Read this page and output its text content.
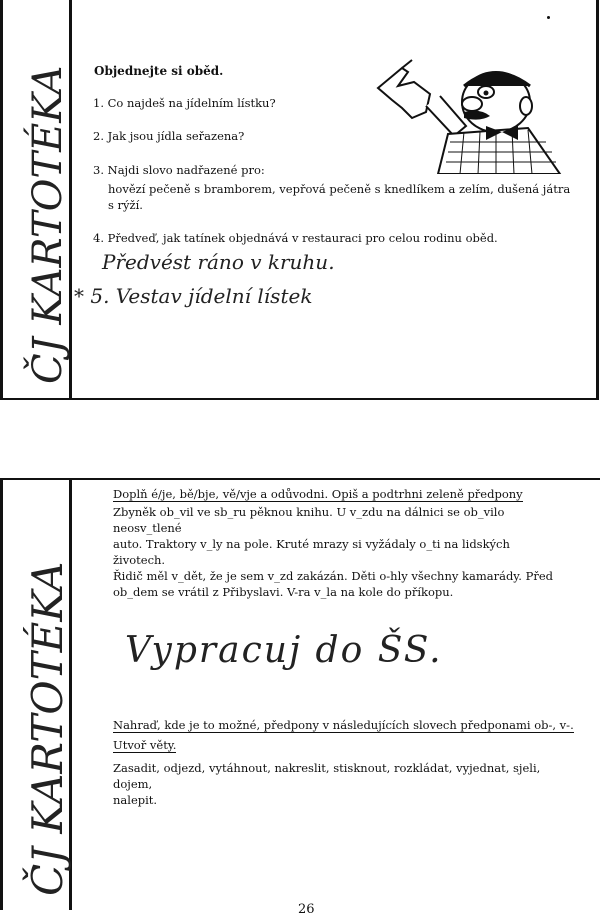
ČJ KARTOTÉKA Objednejte si oběd.
1. Co najdeš na jídelním lístku?
2. Jak jsou jídla seřazena?
3. Najdi slovo nadřazené pro:
hovězí pečeně s bramborem, vepřová pečeně s knedlíkem a zelím, dušená játra
s rýží.
4. Předveď, jak tatínek objednává v restauraci pro celou rodinu oběd.
Předvést ráno v kruhu.
* 5. Vestav jídelní lístek
ČJ KARTOTÉKA
Doplň é/je, bě/bje, vě/vje a odůvodni. Opiš a podtrhni zeleně předpony
Zbyněk ob_vil ve sb_ru pěknou knihu. U v_zdu na dálnici se ob_vilo neosv_tlené
auto. Traktory v_ly na pole. Kruté mrazy si vyžádaly o_ti na lidských životech.
Řidič měl v_dět, že je sem v_zd zakázán. Děti o-hly všechny kamarády. Před
ob_dem se vrátil z Přibyslavi. V-ra v_la na kole do příkopu.
Vypracuj do ŠS.
Nahraď, kde je to možné, předpony v následujících slovech předponami ob-, v-.
Utvoř věty.
Zasadit, odjezd, vytáhnout, nakreslit, stisknout, rozkládat, vyjednat, sjeli, dojem,
nalepit.
26
